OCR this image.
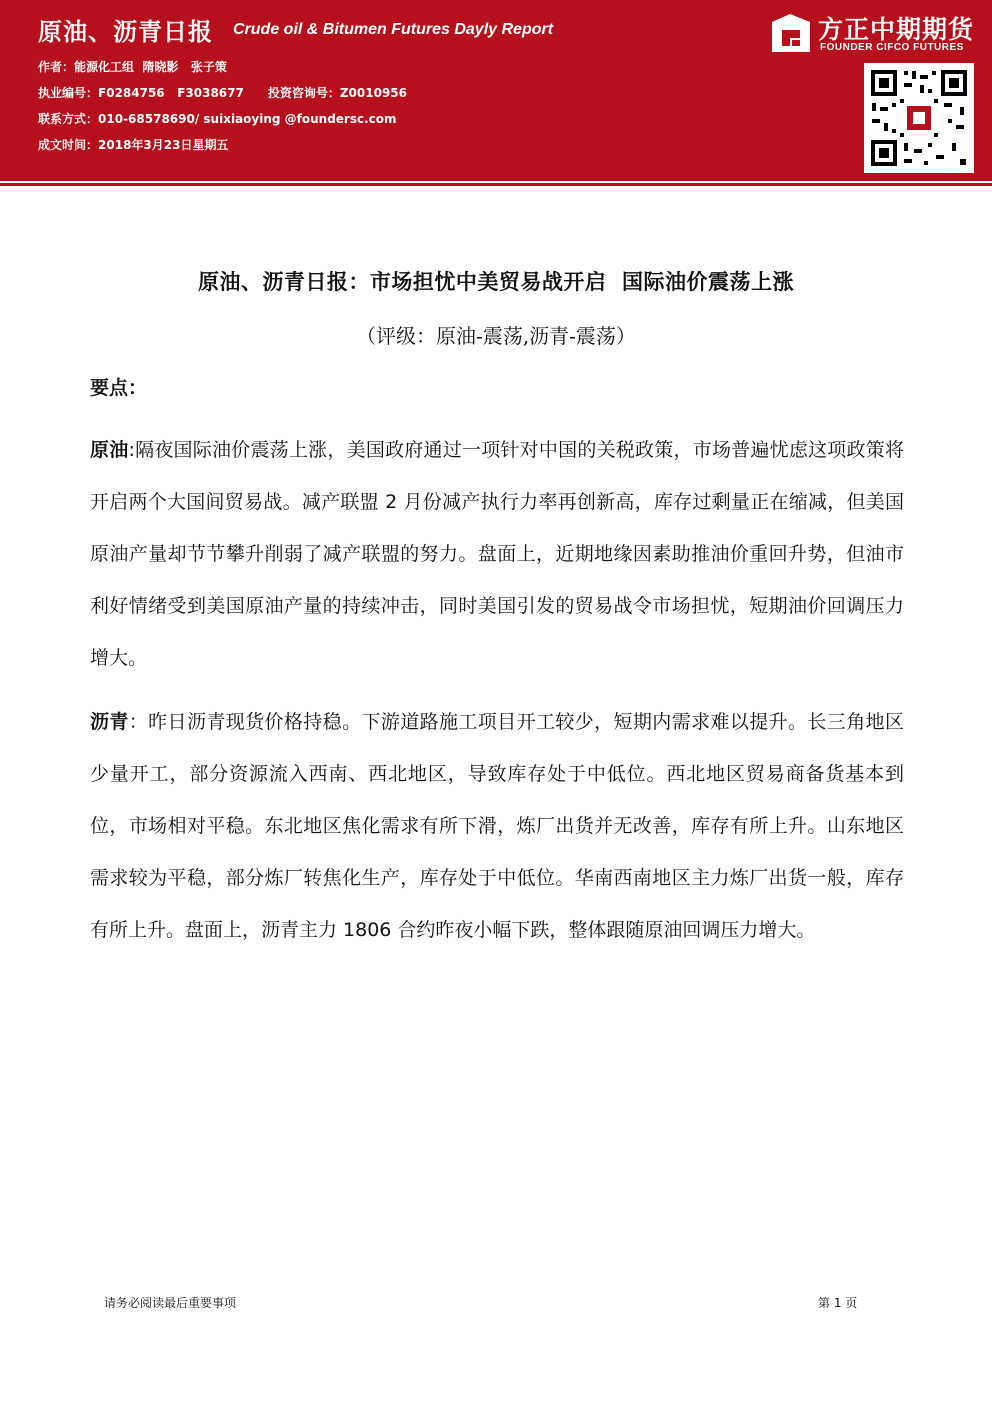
原油、沥青日报 Crude oil & Bitumen Futures Dayly Report
作者：能源化工组  隋晓影   张子策
执业编号：F0284756   F3038677 投资咨询号：Z0010956
联系方式：010-68578690/ suixiaoying @foundersc.com
成文时间：2018年3月23日星期五
方正中期期货
FOUNDER CIFCO FUTURES
原油、沥青日报：市场担忧中美贸易战开启  国际油价震荡上涨
（评级：原油-震荡,沥青-震荡）
要点：
原油:隔夜国际油价震荡上涨，美国政府通过一项针对中国的关税政策，市场普遍忧虑这项政策将开启两个大国间贸易战。减产联盟 2 月份减产执行力率再创新高，库存过剩量正在缩减，但美国原油产量却节节攀升削弱了减产联盟的努力。盘面上，近期地缘因素助推油价重回升势，但油市利好情绪受到美国原油产量的持续冲击，同时美国引发的贸易战令市场担忧，短期油价回调压力增大。
沥青：昨日沥青现货价格持稳。下游道路施工项目开工较少，短期内需求难以提升。长三角地区少量开工，部分资源流入西南、西北地区，导致库存处于中低位。西北地区贸易商备货基本到位，市场相对平稳。东北地区焦化需求有所下滑，炼厂出货并无改善，库存有所上升。山东地区需求较为平稳，部分炼厂转焦化生产，库存处于中低位。华南西南地区主力炼厂出货一般，库存有所上升。盘面上，沥青主力 1806 合约昨夜小幅下跌，整体跟随原油回调压力增大。
请务必阅读最后重要事项	第 1 页
